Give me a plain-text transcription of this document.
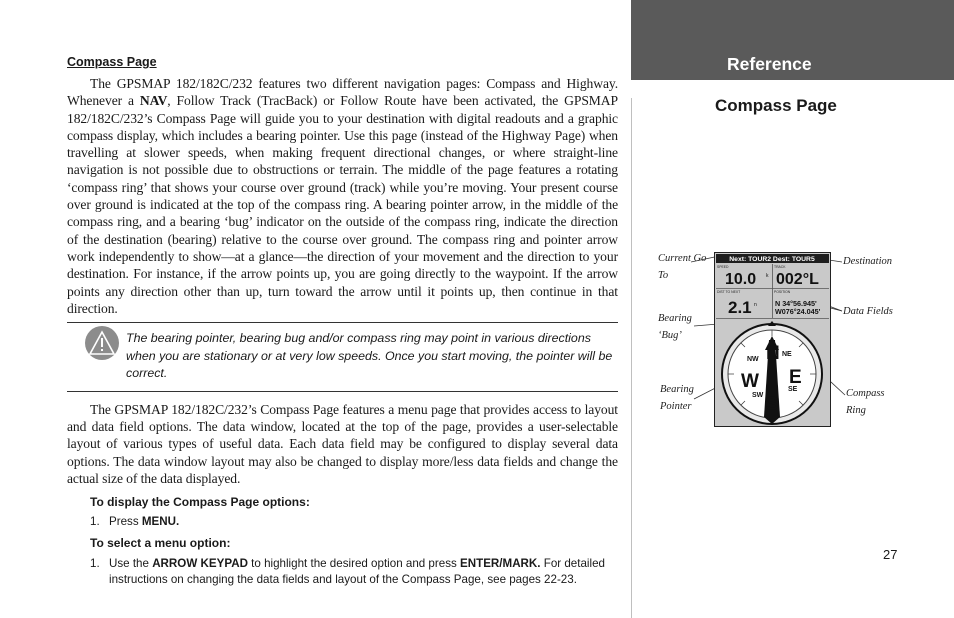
Compass Page

The GPSMAP 182/182C/232 features two different navigation pages: Compass and Highway. Whenever a NAV, Follow Track (TracBack) or Follow Route have been activated, the GPSMAP 182/182C/232’s Compass Page will guide you to your destination with digital readouts and a graphic compass display, which includes a bearing pointer. Use this page (instead of the Highway Page) when travelling at slower speeds, when making frequent directional changes, or where straight-line navigation is not possible due to obstructions or terrain. The middle of the page features a rotating ‘compass ring’ that shows your course over ground (track) while you’re moving. Your present course over ground is indicated at the top of the compass ring. A bearing pointer arrow, in the middle of the compass ring, and a bearing ‘bug’ indicator on the outside of the compass ring, indicate the direction of the destination (bearing) relative to the course over ground. The compass ring and pointer arrow work independently to show—at a glance—the direction of your movement and the direction to your destination. For instance, if the arrow points up, you are going directly to the waypoint. If the arrow points any direction other than up, turn toward the arrow until it points up, then continue in that direction.

The bearing pointer, bearing bug and/or compass ring may point in various directions when you are stationary or at very low speeds. Once you start moving, the pointer will be correct.

The GPSMAP 182/182C/232’s Compass Page features a menu page that provides access to layout and data field options. The data window, located at the top of the page, provides a user-selectable layout of various types of useful data. Each data field may be configured to display several data options. The data window layout may also be changed to display more/less data fields and change the actual size of the data displayed.

To display the Compass Page options:
1. Press MENU.
To select a menu option:
1. Use the ARROW KEYPAD to highlight the desired option and press ENTER/MARK. For detailed instructions on changing the data fields and layout of the Compass Page, see pages 22-23.
Reference
Compass Page
Current Go To
Destination
Data Fields
Bearing ‘Bug’
Bearing Pointer
Compass Ring
Next: TOUR2 Dest: TOUR5
SPEED
10.0 k
TRACK
002°L
DIST TO NEXT
2.1 n
POSITION
N 34°56.945'
W076°24.045'
N
E
S
W
NE
NW
SE
SW
27
